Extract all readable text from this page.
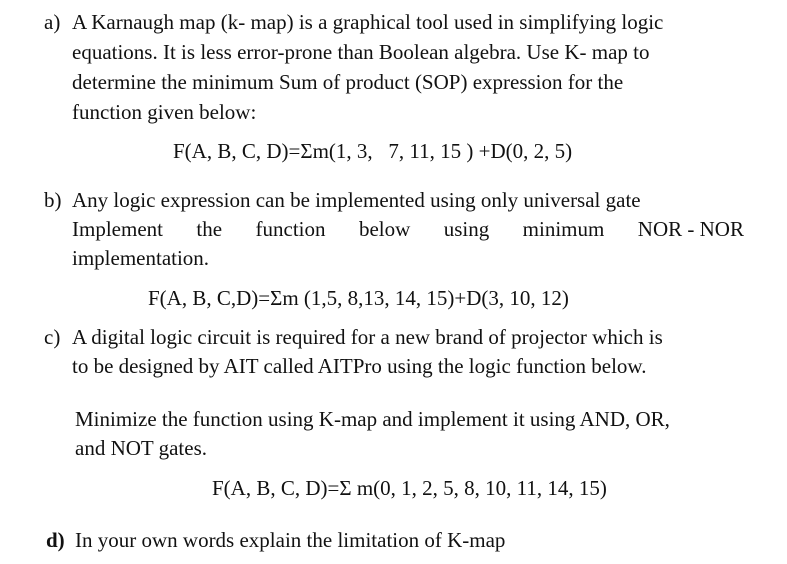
a) A Karnaugh map (k- map) is a graphical tool used in simplifying logic
equations. It is less error-prone than Boolean algebra. Use K- map to
determine the minimum Sum of product (SOP) expression for the
function given below:
F(A, B, C, D)=Σm(1, 3,   7, 11, 15 ) +D(0, 2, 5)
b) Any logic expression can be implemented using only universal gate
Implement the function below using minimum NOR - NOR
implementation.
F(A, B, C,D)=Σm (1,5, 8,13, 14, 15)+D(3, 10, 12)
c) A digital logic circuit is required for a new brand of projector which is
to be designed by AIT called AITPro using the logic function below.
Minimize the function using K-map and implement it using AND, OR,
and NOT gates.
F(A, B, C, D)=Σ m(0, 1, 2, 5, 8, 10, 11, 14, 15)
d) In your own words explain the limitation of K-map
